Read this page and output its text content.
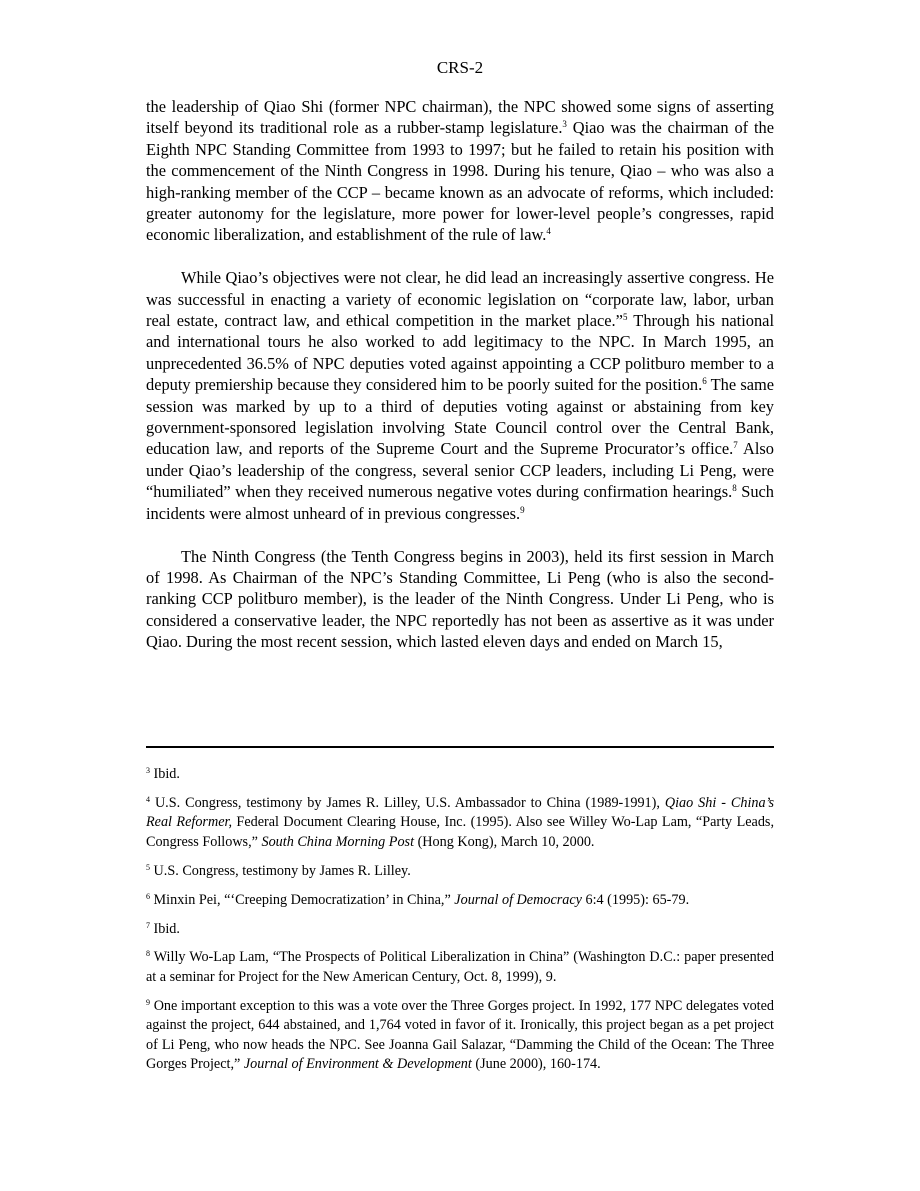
CRS-2

the leadership of Qiao Shi (former NPC chairman), the NPC showed some signs of asserting itself beyond its traditional role as a rubber-stamp legislature.$^3$ Qiao was the chairman of the Eighth NPC Standing Committee from 1993 to 1997; but he failed to retain his position with the commencement of the Ninth Congress in 1998. During his tenure, Qiao – who was also a high-ranking member of the CCP – became known as an advocate of reforms, which included: greater autonomy for the legislature, more power for lower-level people’s congresses, rapid economic liberalization, and establishment of the rule of law.$^4$

While Qiao’s objectives were not clear, he did lead an increasingly assertive congress. He was successful in enacting a variety of economic legislation on “corporate law, labor, urban real estate, contract law, and ethical competition in the market place.”$^5$ Through his national and international tours he also worked to add legitimacy to the NPC. In March 1995, an unprecedented 36.5% of NPC deputies voted against appointing a CCP politburo member to a deputy premiership because they considered him to be poorly suited for the position.$^6$ The same session was marked by up to a third of deputies voting against or abstaining from key government-sponsored legislation involving State Council control over the Central Bank, education law, and reports of the Supreme Court and the Supreme Procurator’s office.$^7$ Also under Qiao’s leadership of the congress, several senior CCP leaders, including Li Peng, were “humiliated” when they received numerous negative votes during confirmation hearings.$^8$ Such incidents were almost unheard of in previous congresses.$^9$

The Ninth Congress (the Tenth Congress begins in 2003), held its first session in March of 1998. As Chairman of the NPC’s Standing Committee, Li Peng (who is also the second-ranking CCP politburo member), is the leader of the Ninth Congress. Under Li Peng, who is considered a conservative leader, the NPC reportedly has not been as assertive as it was under Qiao. During the most recent session, which lasted eleven days and ended on March 15,

$^3$ Ibid.

$^4$ U.S. Congress, testimony by James R. Lilley, U.S. Ambassador to China (1989-1991), Qiao Shi - China’s Real Reformer, Federal Document Clearing House, Inc. (1995). Also see Willey Wo-Lap Lam, “Party Leads, Congress Follows,” South China Morning Post (Hong Kong), March 10, 2000.

$^5$ U.S. Congress, testimony by James R. Lilley.

$^6$ Minxin Pei, “‘Creeping Democratization’ in China,” Journal of Democracy 6:4 (1995): 65-79.

$^7$ Ibid.

$^8$ Willy Wo-Lap Lam, “The Prospects of Political Liberalization in China” (Washington D.C.: paper presented at a seminar for Project for the New American Century, Oct. 8, 1999), 9.

$^9$ One important exception to this was a vote over the Three Gorges project. In 1992, 177 NPC delegates voted against the project, 644 abstained, and 1,764 voted in favor of it. Ironically, this project began as a pet project of Li Peng, who now heads the NPC. See Joanna Gail Salazar, “Damming the Child of the Ocean: The Three Gorges Project,” Journal of Environment & Development (June 2000), 160-174.
